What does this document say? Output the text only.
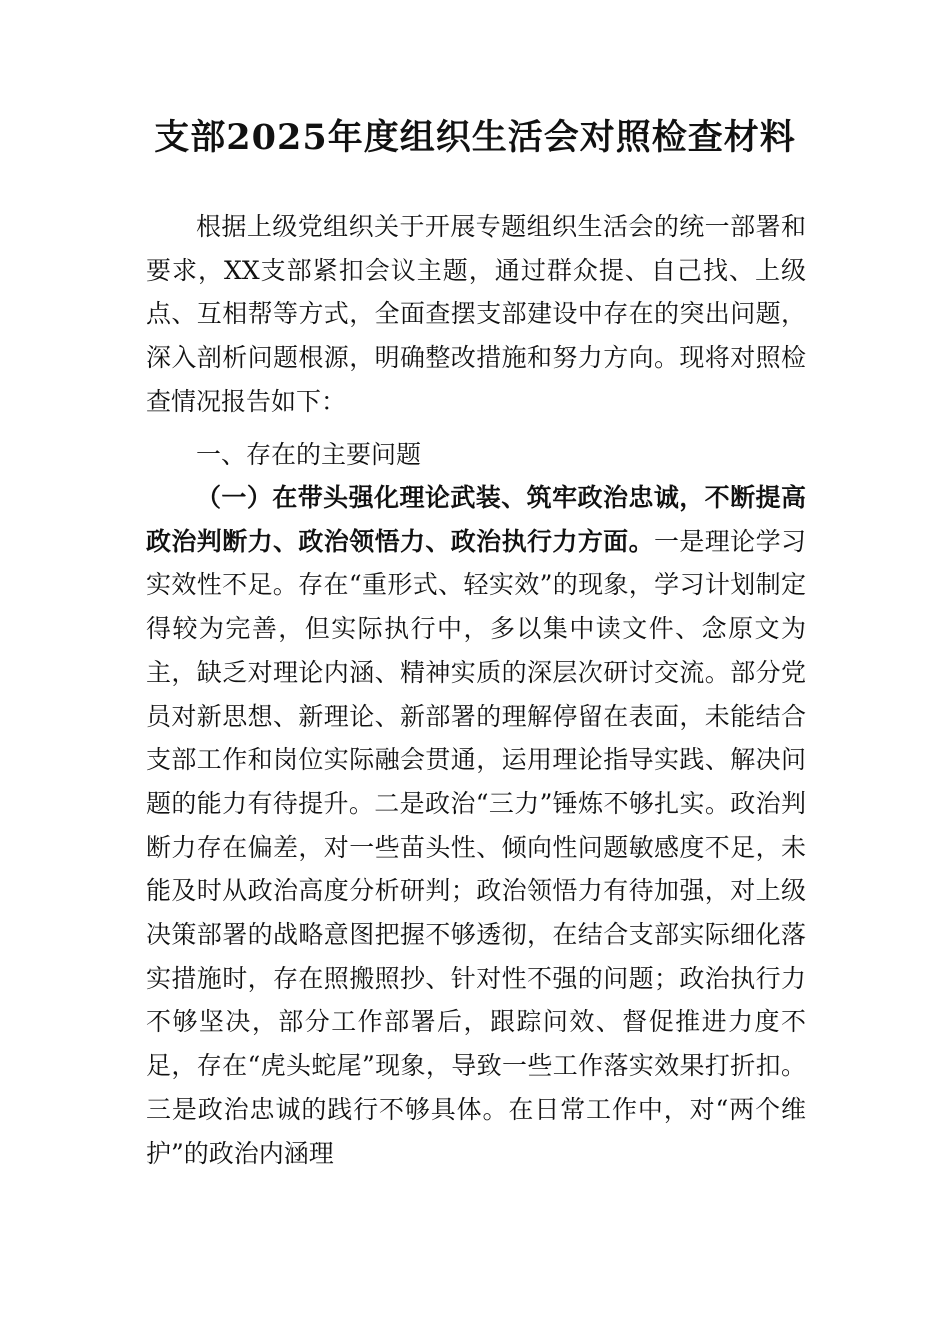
支部2025年度组织生活会对照检查材料

根据上级党组织关于开展专题组织生活会的统一部署和要求，XX支部紧扣会议主题，通过群众提、自己找、上级点、互相帮等方式，全面查摆支部建设中存在的突出问题，深入剖析问题根源，明确整改措施和努力方向。现将对照检查情况报告如下：

一、存在的主要问题

（一）在带头强化理论武装、筑牢政治忠诚，不断提高政治判断力、政治领悟力、政治执行力方面。一是理论学习实效性不足。存在“重形式、轻实效”的现象，学习计划制定得较为完善，但实际执行中，多以集中读文件、念原文为主，缺乏对理论内涵、精神实质的深层次研讨交流。部分党员对新思想、新理论、新部署的理解停留在表面，未能结合支部工作和岗位实际融会贯通，运用理论指导实践、解决问题的能力有待提升。二是政治“三力”锤炼不够扎实。政治判断力存在偏差，对一些苗头性、倾向性问题敏感度不足，未能及时从政治高度分析研判；政治领悟力有待加强，对上级决策部署的战略意图把握不够透彻，在结合支部实际细化落实措施时，存在照搬照抄、针对性不强的问题；政治执行力不够坚决，部分工作部署后，跟踪问效、督促推进力度不足，存在“虎头蛇尾”现象，导致一些工作落实效果打折扣。三是政治忠诚的践行不够具体。在日常工作中，对“两个维护”的政治内涵理
